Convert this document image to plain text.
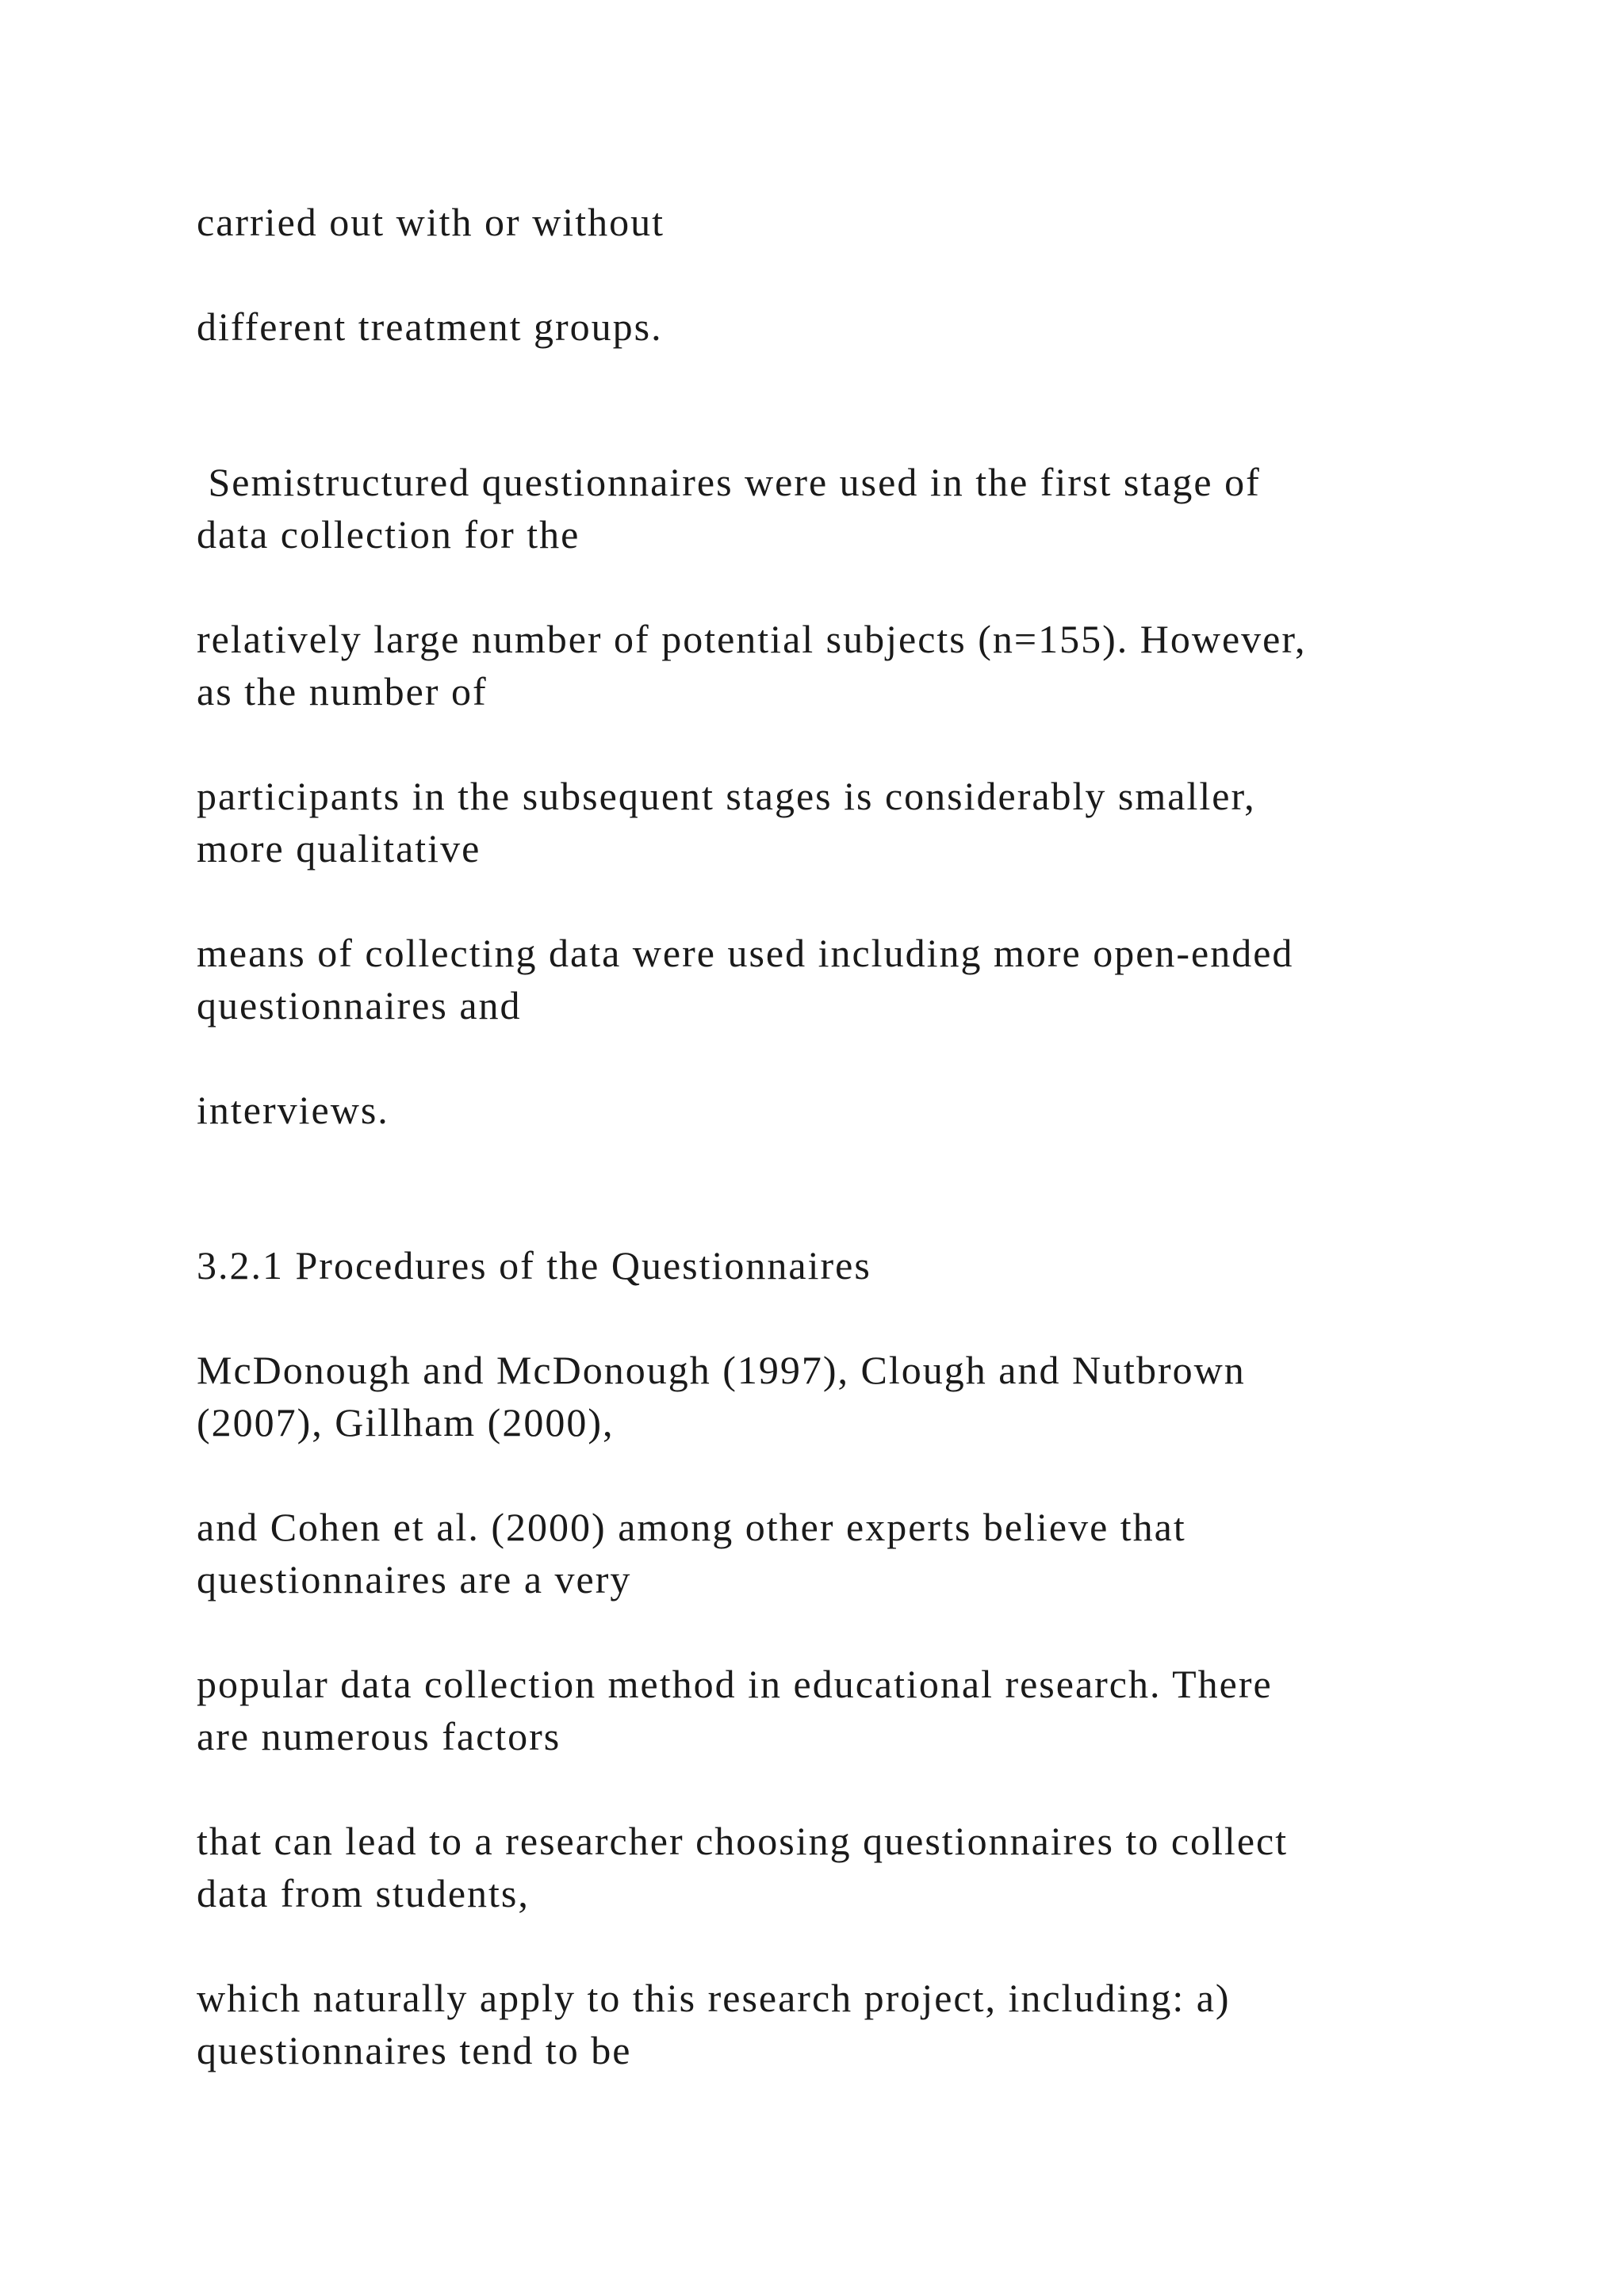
carried out with or without

different treatment groups.

Semistructured questionnaires were used in the first stage of

data collection for the

relatively large number of potential subjects (n=155). However,

as the number of

participants in the subsequent stages is considerably smaller,

more qualitative

means of collecting data were used including more open-ended

questionnaires and

interviews.

3.2.1 Procedures of the Questionnaires

McDonough and McDonough (1997), Clough and Nutbrown

(2007), Gillham (2000),

and Cohen et al. (2000) among other experts believe that

questionnaires are a very

popular data collection method in educational research. There

are numerous factors

that can lead to a researcher choosing questionnaires to collect

data from students,

which naturally apply to this research project, including: a)

questionnaires tend to be
